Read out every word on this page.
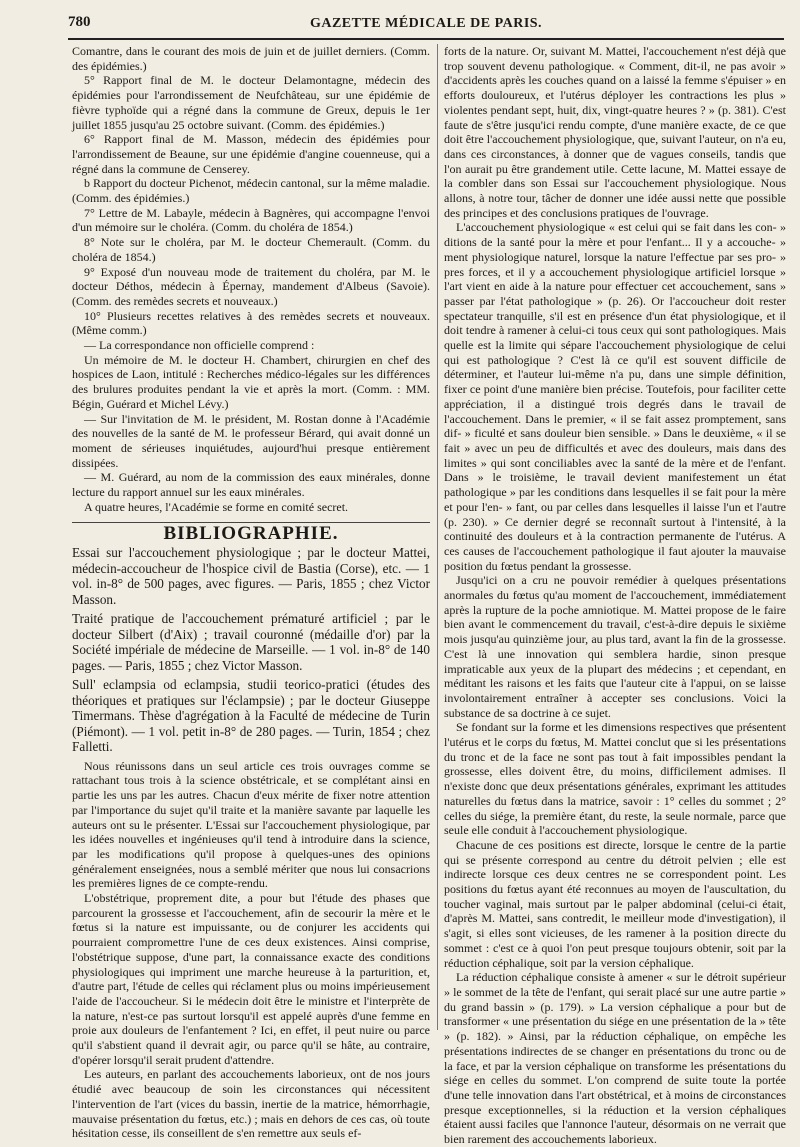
780	GAZETTE MÉDICALE DE PARIS.

Comantre, dans le courant des mois de juin et de juillet derniers. (Comm. des épidémies.)

5° Rapport final de M. le docteur Delamontagne, médecin des épidémies pour l'arrondissement de Neufchâteau, sur une épidémie de fièvre typhoïde qui a régné dans la commune de Greux, depuis le 1er juillet 1855 jusqu'au 25 octobre suivant. (Comm. des épidémies.)

6° Rapport final de M. Masson, médecin des épidémies pour l'arrondissement de Beaune, sur une épidémie d'angine couenneuse, qui a régné dans la commune de Censerey.

b Rapport du docteur Pichenot, médecin cantonal, sur la même maladie. (Comm. des épidémies.)

7° Lettre de M. Labayle, médecin à Bagnères, qui accompagne l'envoi d'un mémoire sur le choléra. (Comm. du choléra de 1854.)

8° Note sur le choléra, par M. le docteur Chemerault. (Comm. du choléra de 1854.)

9° Exposé d'un nouveau mode de traitement du choléra, par M. le docteur Déthos, médecin à Épernay, mandement d'Albeus (Savoie). (Comm. des remèdes secrets et nouveaux.)

10° Plusieurs recettes relatives à des remèdes secrets et nouveaux. (Même comm.)

— La correspondance non officielle comprend :

Un mémoire de M. le docteur H. Chambert, chirurgien en chef des hospices de Laon, intitulé : Recherches médico-légales sur les différences des brulures produites pendant la vie et après la mort. (Comm. : MM. Bégin, Guérard et Michel Lévy.)

— Sur l'invitation de M. le président, M. Rostan donne à l'Académie des nouvelles de la santé de M. le professeur Bérard, qui avait donné un moment de sérieuses inquiétudes, aujourd'hui presque entièrement dissipées.

— M. Guérard, au nom de la commission des eaux minérales, donne lecture du rapport annuel sur les eaux minérales.

A quatre heures, l'Académie se forme en comité secret.

BIBLIOGRAPHIE.

Essai sur l'accouchement physiologique ; par le docteur Mattei, médecin-accoucheur de l'hospice civil de Bastia (Corse), etc. — 1 vol. in-8° de 500 pages, avec figures. — Paris, 1855 ; chez Victor Masson.

Traité pratique de l'accouchement prématuré artificiel ; par le docteur Silbert (d'Aix) ; travail couronné (médaille d'or) par la Société impériale de médecine de Marseille. — 1 vol. in-8° de 140 pages. — Paris, 1855 ; chez Victor Masson.

Sull' eclampsia od eclampsia, studii teorico-pratici (études des théoriques et pratiques sur l'éclampsie) ; par le docteur Giuseppe Timermans. Thèse d'agrégation à la Faculté de médecine de Turin (Piémont). — 1 vol. petit in-8° de 280 pages. — Turin, 1854 ; chez Falletti.

Nous réunissons dans un seul article ces trois ouvrages comme se rattachant tous trois à la science obstétricale, et se complétant ainsi en partie les uns par les autres. Chacun d'eux mérite de fixer notre attention par l'importance du sujet qu'il traite et la manière savante par laquelle les auteurs ont su le présenter. L'Essai sur l'accouchement physiologique, par les idées nouvelles et ingénieuses qu'il tend à introduire dans la science, par les modifications qu'il propose à quelques-unes des opinions généralement enseignées, nous a semblé mériter que nous lui consacrions les premières lignes de ce compte-rendu.

L'obstétrique, proprement dite, a pour but l'étude des phases que parcourent la grossesse et l'accouchement, afin de secourir la mère et le fœtus si la nature est impuissante, ou de conjurer les accidents qui pourraient compromettre l'une de ces deux existences. Ainsi comprise, l'obstétrique suppose, d'une part, la connaissance exacte des conditions physiologiques qui impriment une marche heureuse à la parturition, et, d'autre part, l'étude de celles qui réclament plus ou moins impérieusement l'aide de l'accoucheur. Si le médecin doit être le ministre et l'interprète de la nature, n'est-ce pas surtout lorsqu'il est appelé auprès d'une femme en proie aux douleurs de l'enfantement ? Ici, en effet, il peut nuire ou parce qu'il s'abstient quand il devrait agir, ou parce qu'il se hâte, au contraire, d'opérer lorsqu'il serait prudent d'attendre.

Les auteurs, en parlant des accouchements laborieux, ont de nos jours étudié avec beaucoup de soin les circonstances qui nécessitent l'intervention de l'art (vices du bassin, inertie de la matrice, hémorrhagie, mauvaise présentation du fœtus, etc.) ; mais en dehors de ces cas, où toute hésitation cesse, ils conseillent de s'en remettre aux seuls ef-

forts de la nature. Or, suivant M. Mattei, l'accouchement n'est déjà que trop souvent devenu pathologique. « Comment, dit-il, ne pas avoir » d'accidents après les couches quand on a laissé la femme s'épuiser » en efforts douloureux, et l'utérus déployer les contractions les plus » violentes pendant sept, huit, dix, vingt-quatre heures ? » (p. 381). C'est faute de s'être jusqu'ici rendu compte, d'une manière exacte, de ce que doit être l'accouchement physiologique, que, suivant l'auteur, on n'a eu, dans ces circonstances, à donner que de vagues conseils, tandis que l'on aurait pu être grandement utile. Cette lacune, M. Mattei essaye de la combler dans son Essai sur l'accouchement physiologique. Nous allons, à notre tour, tâcher de donner une idée aussi nette que possible des principes et des conclusions pratiques de l'ouvrage.

L'accouchement physiologique « est celui qui se fait dans les con- » ditions de la santé pour la mère et pour l'enfant... Il y a accouche- » ment physiologique naturel, lorsque la nature l'effectue par ses pro- » pres forces, et il y a accouchement physiologique artificiel lorsque » l'art vient en aide à la nature pour effectuer cet accouchement, sans » passer par l'état pathologique » (p. 26). Or l'accoucheur doit rester spectateur tranquille, s'il est en présence d'un état physiologique, et il doit tendre à ramener à celui-ci tous ceux qui sont pathologiques. Mais quelle est la limite qui sépare l'accouchement physiologique de celui qui est pathologique ? C'est là ce qu'il est souvent difficile de déterminer, et l'auteur lui-même n'a pu, dans une simple définition, fixer ce point d'une manière bien précise. Toutefois, pour faciliter cette appréciation, il a distingué trois degrés dans le travail de l'accouchement. Dans le premier, « il se fait assez promptement, sans dif- » ficulté et sans douleur bien sensible. » Dans le deuxième, « il se fait » avec un peu de difficultés et avec des douleurs, mais dans des limites » qui sont conciliables avec la santé de la mère et de l'enfant. Dans » le troisième, le travail devient manifestement un état pathologique » par les conditions dans lesquelles il se fait pour la mère et pour l'en- » fant, ou par celles dans lesquelles il laisse l'un et l'autre (p. 230). » Ce dernier degré se reconnaît surtout à l'intensité, à la continuité des douleurs et à la contraction permanente de l'utérus. A ces causes de l'accouchement pathologique il faut ajouter la mauvaise position du fœtus pendant la grossesse.

Jusqu'ici on a cru ne pouvoir remédier à quelques présentations anormales du fœtus qu'au moment de l'accouchement, immédiatement après la rupture de la poche amniotique. M. Mattei propose de le faire bien avant le commencement du travail, c'est-à-dire depuis le sixième mois jusqu'au quinzième jour, au plus tard, avant la fin de la grossesse. C'est là une innovation qui semblera hardie, sinon presque impraticable aux yeux de la plupart des médecins ; et cependant, en méditant les raisons et les faits que l'auteur cite à l'appui, on se laisse involontairement entraîner à accepter ses conclusions. Voici la substance de sa doctrine à ce sujet.

Se fondant sur la forme et les dimensions respectives que présentent l'utérus et le corps du fœtus, M. Mattei conclut que si les présentations du tronc et de la face ne sont pas tout à fait impossibles pendant la grossesse, elles doivent être, du moins, difficilement admises. Il n'existe donc que deux présentations générales, exprimant les attitudes naturelles du fœtus dans la matrice, savoir : 1° celles du sommet ; 2° celles du siége, la première étant, du reste, la seule normale, parce que seule elle conduit à l'accouchement physiologique.

Chacune de ces positions est directe, lorsque le centre de la partie qui se présente correspond au centre du détroit pelvien ; elle est indirecte lorsque ces deux centres ne se correspondent point. Les positions du fœtus ayant été reconnues au moyen de l'auscultation, du toucher vaginal, mais surtout par le palper abdominal (celui-ci était, d'après M. Mattei, sans contredit, le meilleur mode d'investigation), il s'agit, si elles sont vicieuses, de les ramener à la position directe du sommet : c'est ce à quoi l'on peut presque toujours obtenir, soit par la réduction céphalique, soit par la version céphalique.

La réduction céphalique consiste à amener « sur le détroit supérieur » le sommet de la tête de l'enfant, qui serait placé sur une autre partie » du grand bassin » (p. 179). » La version céphalique a pour but de transformer « une présentation du siége en une présentation de la » tête » (p. 182). » Ainsi, par la réduction céphalique, on empêche les présentations indirectes de se changer en présentations du tronc ou de la face, et par la version céphalique on transforme les présentations du siége en celles du sommet. L'on comprend de suite toute la portée d'une telle innovation dans l'art obstétrical, et à moins de circonstances presque exceptionnelles, si la réduction et la version céphaliques étaient aussi faciles que l'annonce l'auteur, désormais on ne verrait que bien rarement des accouchements laborieux.
